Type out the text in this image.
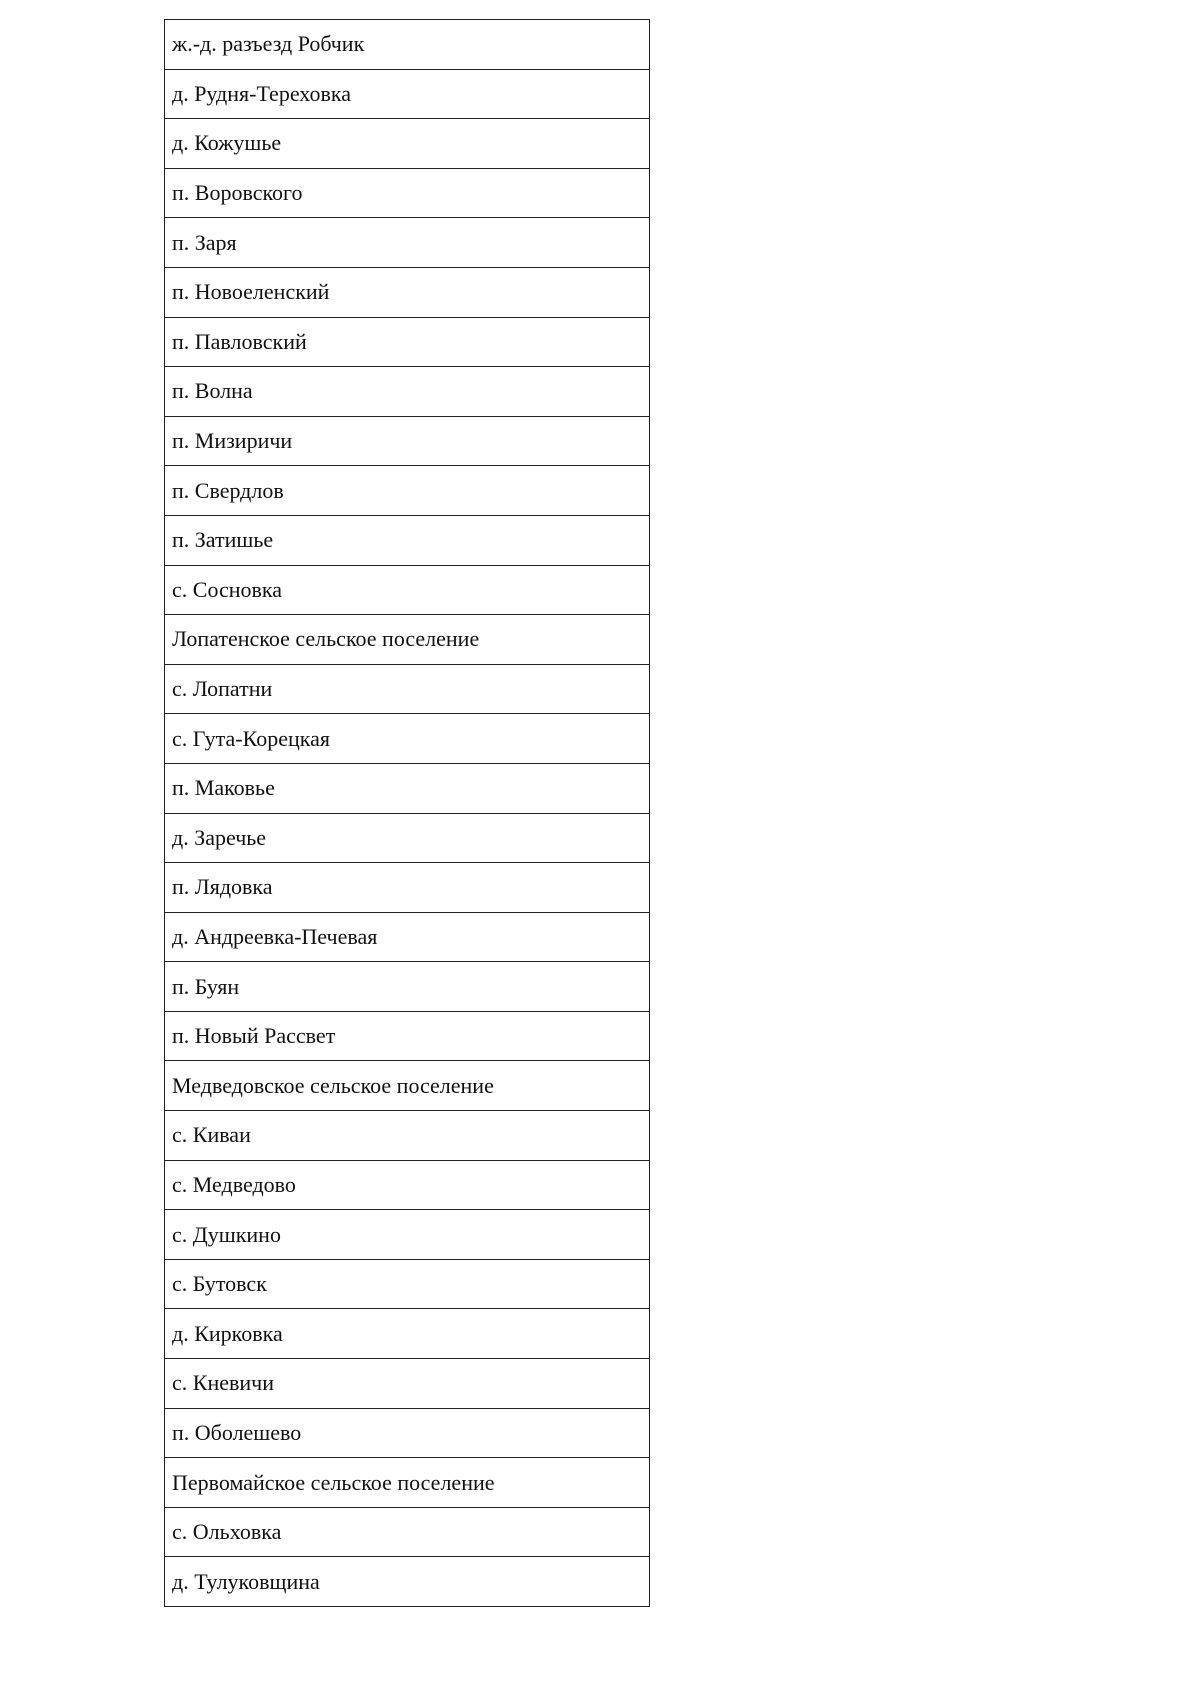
ж.-д. разъезд Робчик
д. Рудня-Тереховка
д. Кожушье
п. Воровского
п. Заря
п. Новоеленский
п. Павловский
п. Волна
п. Мизиричи
п. Свердлов
п. Затишье
с. Сосновка
Лопатенское сельское поселение
с. Лопатни
с. Гута-Корецкая
п. Маковье
д. Заречье
п. Лядовка
д. Андреевка-Печевая
п. Буян
п. Новый Рассвет
Медведовское сельское поселение
с. Киваи
с. Медведово
с. Душкино
с. Бутовск
д. Кирковка
с. Кневичи
п. Оболешево
Первомайское сельское поселение
с. Ольховка
д. Тулуковщина
